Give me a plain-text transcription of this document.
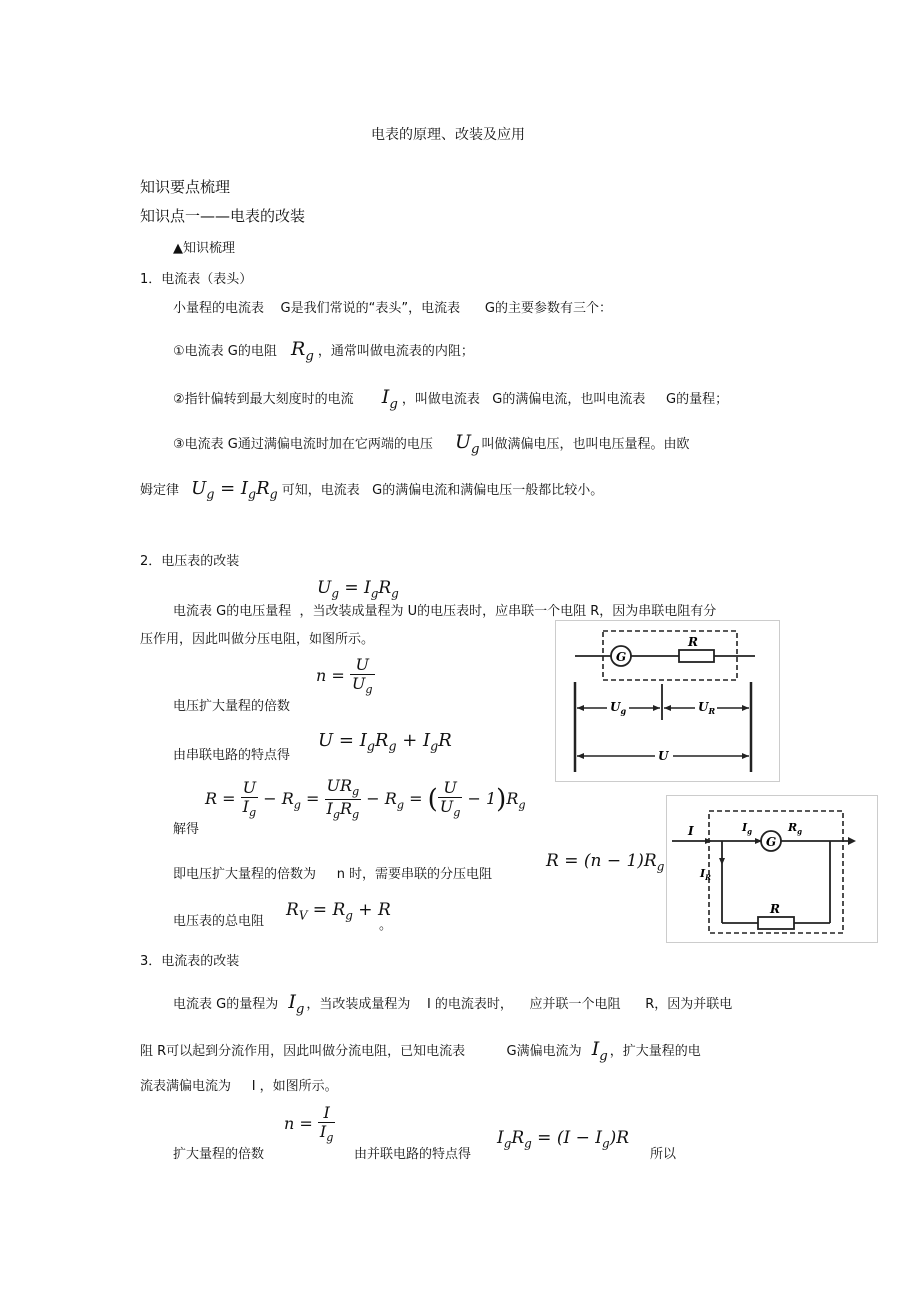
电表的原理、改装及应用
知识要点梳理
知识点一——电表的改装
▲知识梳理
1．电流表（表头）
小量程的电流表 G是我们常说的“表头”，电流表 G的主要参数有三个：
①电流表 G的电阻 $R_g$ ，通常叫做电流表的内阻；
②指针偏转到最大刻度时的电流 $I_g$ ，叫做电流表 G的满偏电流，也叫电流表 G的量程；
③电流表 G通过满偏电流时加在它两端的电压 $U_g$ 叫做满偏电压，也叫电压量程。由欧
姆定律 $U_g = I_gR_g$ 可知，电流表 G的满偏电流和满偏电压一般都比较小。
2．电压表的改装
$U_g = I_gR_g$
电流表 G的电压量程 ，当改装成量程为 U的电压表时，应串联一个电阻 R，因为串联电阻有分
压作用，因此叫做分压电阻，如图所示。
$n = \frac{U}{U_g}$
电压扩大量程的倍数
由串联电路的特点得
$U = I_gR_g + I_gR$
$R = \frac{U}{I_g} - R_g = \frac{UR_g}{I_gR_g} - R_g$ = ( $\frac{U}{U_g} - 1)R_g$
解得
即电压扩大量程的倍数为 n 时，需要串联的分压电阻
$R = (n - 1)R_g$
电压表的总电阻
$R_V = R_g + R$
。
G
R
$U_g$	$U_R$
U
I	$I_g$
G
$R_g$
$I_R$
R
3．电流表的改装
电流表 G的量程为 $I_g$ ，当改装成量程为 I 的电流表时， 应并联一个电阻 R，因为并联电
阻 R可以起到分流作用，因此叫做分流电阻，已知电流表	G满偏电流为 $I_g$ ，扩大量程的电
流表满偏电流为 I ，如图所示。
$n = \frac{I}{I_g}$
扩大量程的倍数	由并联电路的特点得
$I_gR_g = (I - I_g)R$
所以
